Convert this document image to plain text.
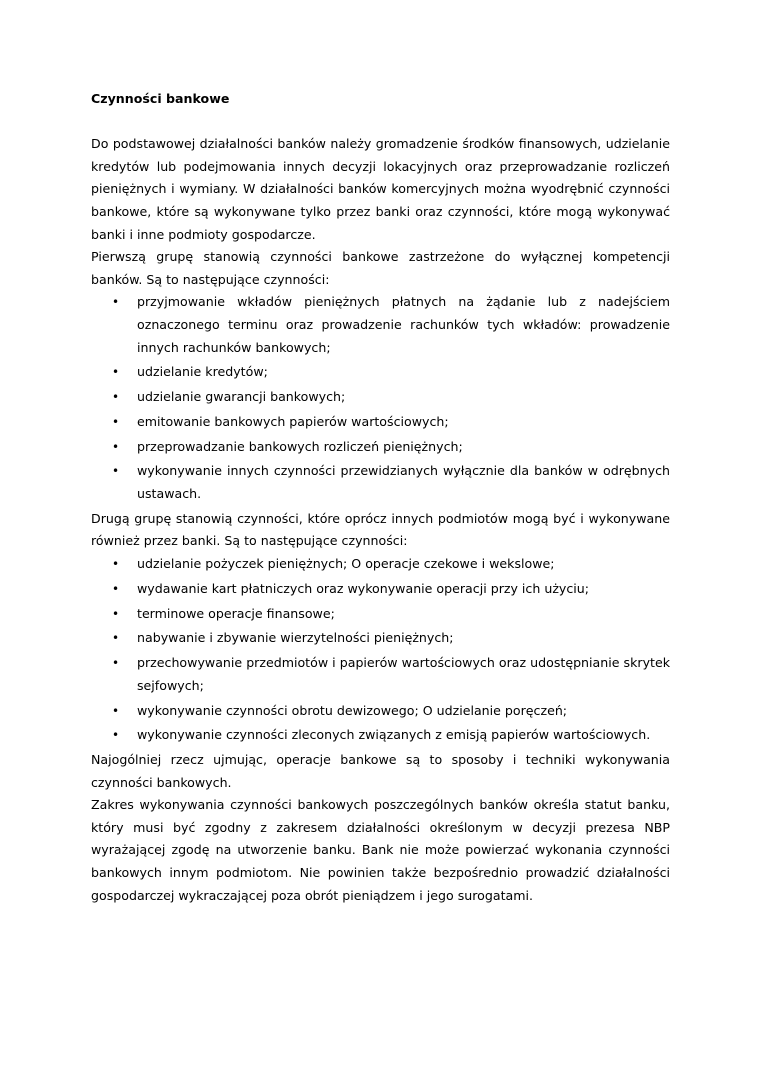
Czynności bankowe

Do podstawowej działalności banków należy gromadzenie środków finansowych, udzielanie kredytów lub podejmowania innych decyzji lokacyjnych oraz przeprowadzanie rozliczeń pieniężnych i wymiany. W działalności banków komercyjnych można wyodrębnić czynności bankowe, które są wykonywane tylko przez banki oraz czynności, które mogą wykonywać banki i inne podmioty gospodarcze.

Pierwszą grupę stanowią czynności bankowe zastrzeżone do wyłącznej kompetencji banków. Są to następujące czynności:

• przyjmowanie wkładów pieniężnych płatnych na żądanie lub z nadejściem oznaczonego terminu oraz prowadzenie rachunków tych wkładów: prowadzenie innych rachunków bankowych;
• udzielanie kredytów;
• udzielanie gwarancji bankowych;
• emitowanie bankowych papierów wartościowych;
• przeprowadzanie bankowych rozliczeń pieniężnych;
• wykonywanie innych czynności przewidzianych wyłącznie dla banków w odrębnych ustawach.

Drugą grupę stanowią czynności, które oprócz innych podmiotów mogą być i wykonywane również przez banki. Są to następujące czynności:

• udzielanie pożyczek pieniężnych; O operacje czekowe i wekslowe;
• wydawanie kart płatniczych oraz wykonywanie operacji przy ich użyciu;
• terminowe operacje finansowe;
• nabywanie i zbywanie wierzytelności pieniężnych;
• przechowywanie przedmiotów i papierów wartościowych oraz udostępnianie skrytek sejfowych;
• wykonywanie czynności obrotu dewizowego; O udzielanie poręczeń;
• wykonywanie czynności zleconych związanych z emisją papierów wartościowych.

Najogólniej rzecz ujmując, operacje bankowe są to sposoby i techniki wykonywania czynności bankowych.

Zakres wykonywania czynności bankowych poszczególnych banków określa statut banku, który musi być zgodny z zakresem działalności określonym w decyzji prezesa NBP wyrażającej zgodę na utworzenie banku. Bank nie może powierzać wykonania czynności bankowych innym podmiotom. Nie powinien także bezpośrednio prowadzić działalności gospodarczej wykraczającej poza obrót pieniądzem i jego surogatami.
